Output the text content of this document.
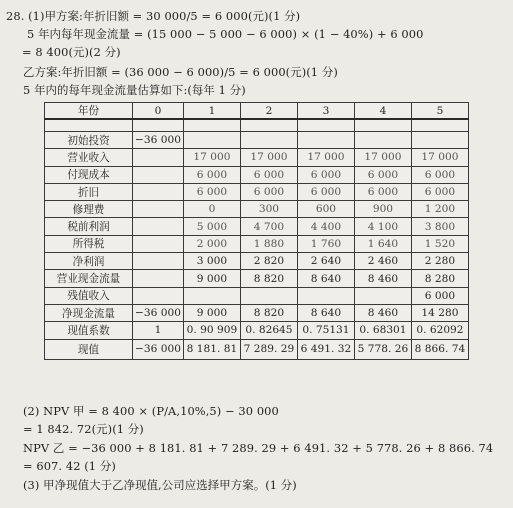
28. (1)甲方案:年折旧额 = 30 000/5 = 6 000(元)(1 分)
5 年内每年现金流量 = (15 000 − 5 000 − 6 000) × (1 − 40%) + 6 000
= 8 400(元)(2 分)
乙方案:年折旧额 = (36 000 − 6 000)/5 = 6 000(元)(1 分)
5 年内的每年现金流量估算如下:(每年 1 分)
年份	0	1	2	3	4	5

初始投资	−36 000					
营业收入		17 000	17 000	17 000	17 000	17 000
付现成本		6 000	6 000	6 000	6 000	6 000
折旧		6 000	6 000	6 000	6 000	6 000
修理费		0	300	600	900	1 200
税前利润		5 000	4 700	4 400	4 100	3 800
所得税		2 000	1 880	1 760	1 640	1 520
净利润		3 000	2 820	2 640	2 460	2 280
营业现金流量		9 000	8 820	8 640	8 460	8 280
残值收入						6 000
净现金流量	−36 000	9 000	8 820	8 640	8 460	14 280
现值系数	1	0. 90 909	0. 82645	0. 75131	0. 68301	0. 62092
现值	−36 000	8 181. 81	7 289. 29	6 491. 32	5 778. 26	8 866. 74
(2) NPV 甲 = 8 400 × (P/A,10%,5) − 30 000
= 1 842. 72(元)(1 分)
NPV 乙 = −36 000 + 8 181. 81 + 7 289. 29 + 6 491. 32 + 5 778. 26 + 8 866. 74
= 607. 42 (1 分)
(3) 甲净现值大于乙净现值,公司应选择甲方案。(1 分)
